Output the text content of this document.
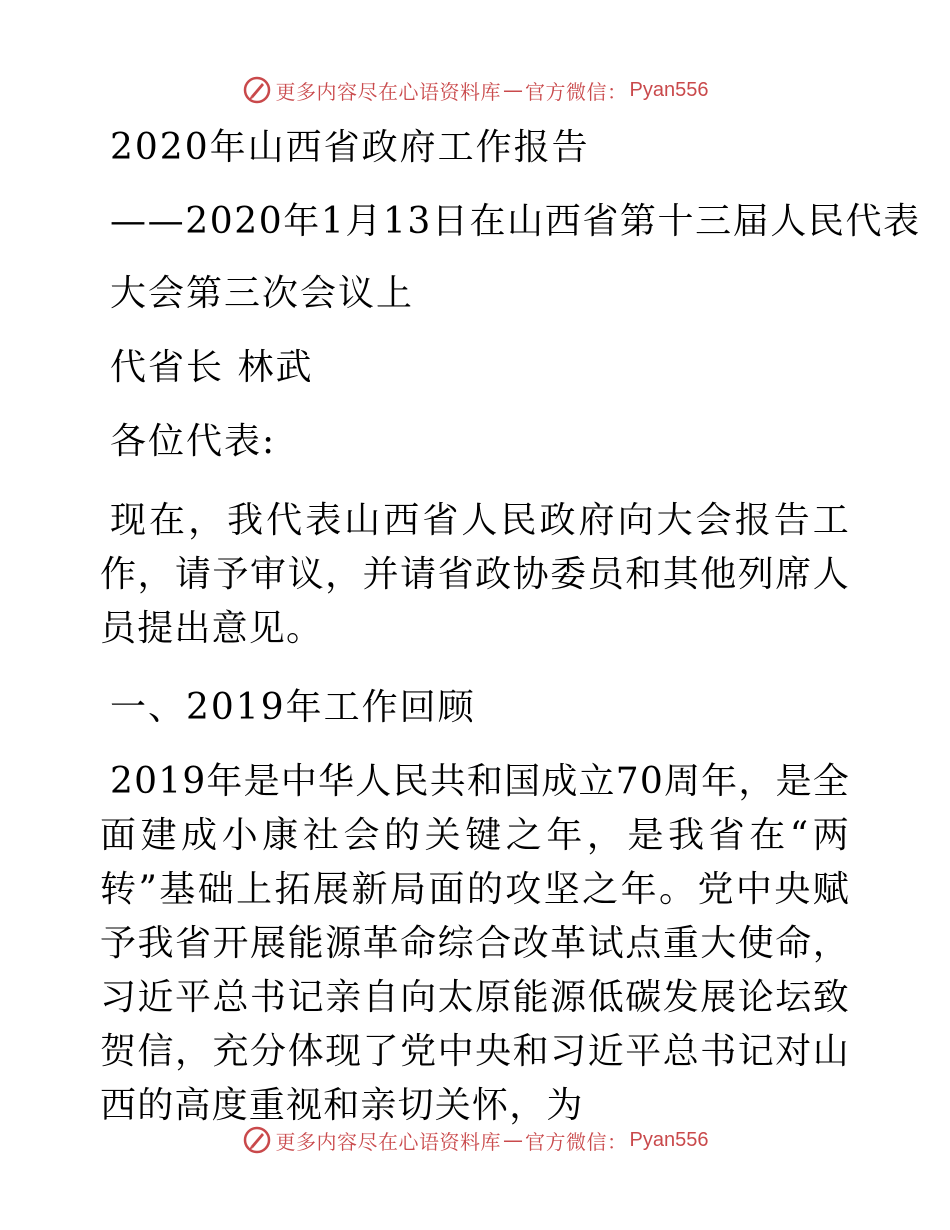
更多内容尽在心语资料库 — 官方微信： Pyan556
2020年山西省政府工作报告
——2020年1月13日在山西省第十三届人民代表
大会第三次会议上
代省长 林武
各位代表:
现在，我代表山西省人民政府向大会报告工作，请予审议，并请省政协委员和其他列席人员提出意见。
一、2019年工作回顾
2019年是中华人民共和国成立70周年，是全面建成小康社会的关键之年，是我省在“两转”基础上拓展新局面的攻坚之年。党中央赋予我省开展能源革命综合改革试点重大使命，习近平总书记亲自向太原能源低碳发展论坛致贺信，充分体现了党中央和习近平总书记对山西的高度重视和亲切关怀，为
更多内容尽在心语资料库 — 官方微信： Pyan556
